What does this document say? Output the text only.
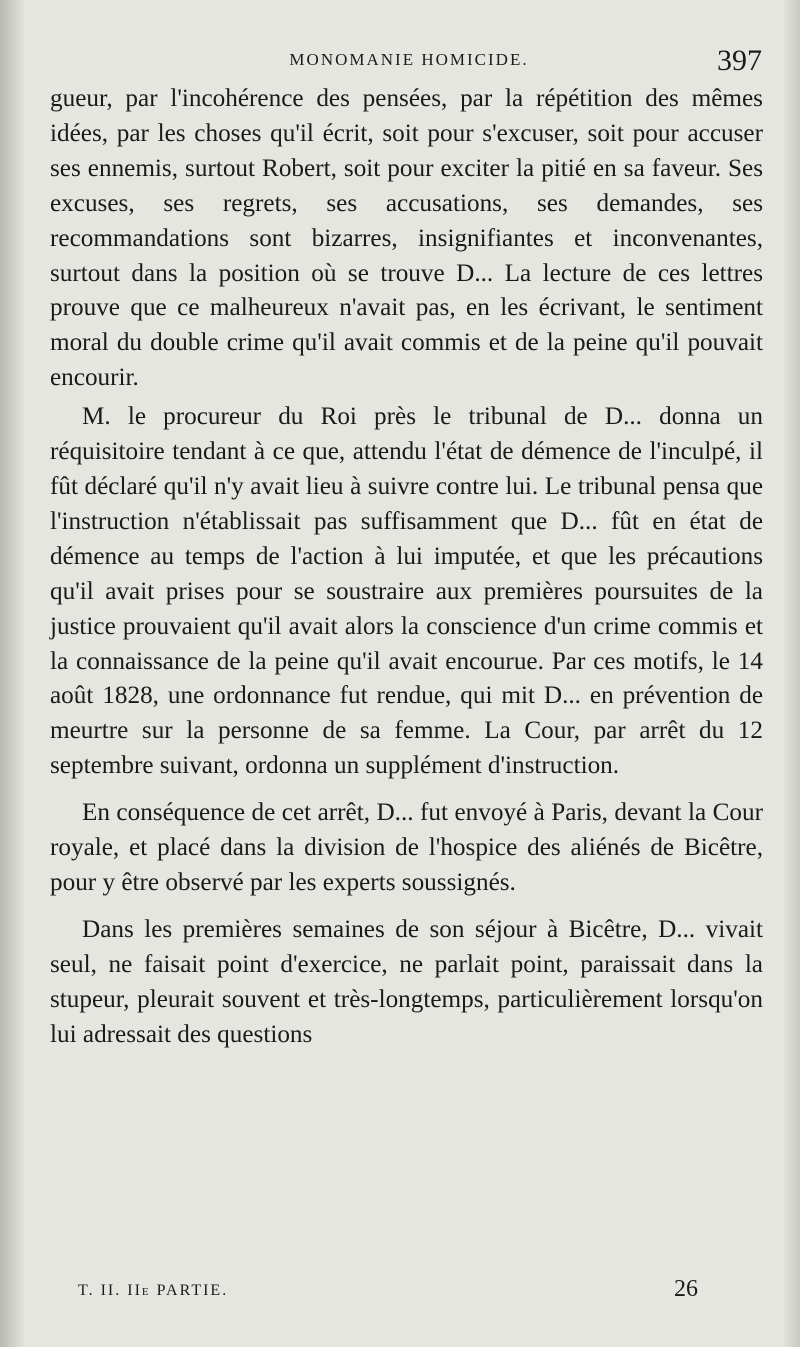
MONOMANIE HOMICIDE.	397

gueur, par l'incohérence des pensées, par la répétition des mêmes idées, par les choses qu'il écrit, soit pour s'excuser, soit pour accuser ses ennemis, surtout Robert, soit pour exciter la pitié en sa faveur. Ses excuses, ses regrets, ses accusations, ses demandes, ses recommandations sont bizarres, insignifiantes et inconvenantes, surtout dans la position où se trouve D... La lecture de ces lettres prouve que ce malheureux n'avait pas, en les écrivant, le sentiment moral du double crime qu'il avait commis et de la peine qu'il pouvait encourir.

M. le procureur du Roi près le tribunal de D... donna un réquisitoire tendant à ce que, attendu l'état de démence de l'inculpé, il fût déclaré qu'il n'y avait lieu à suivre contre lui. Le tribunal pensa que l'instruction n'établissait pas suffisamment que D... fût en état de démence au temps de l'action à lui imputée, et que les précautions qu'il avait prises pour se soustraire aux premières poursuites de la justice prouvaient qu'il avait alors la conscience d'un crime commis et la connaissance de la peine qu'il avait encourue. Par ces motifs, le 14 août 1828, une ordonnance fut rendue, qui mit D... en prévention de meurtre sur la personne de sa femme. La Cour, par arrêt du 12 septembre suivant, ordonna un supplément d'instruction.

En conséquence de cet arrêt, D... fut envoyé à Paris, devant la Cour royale, et placé dans la division de l'hospice des aliénés de Bicêtre, pour y être observé par les experts soussignés.

Dans les premières semaines de son séjour à Bicêtre, D... vivait seul, ne faisait point d'exercice, ne parlait point, paraissait dans la stupeur, pleurait souvent et très-longtemps, particulièrement lorsqu'on lui adressait des questions

T. II. IIe PARTIE.	26
